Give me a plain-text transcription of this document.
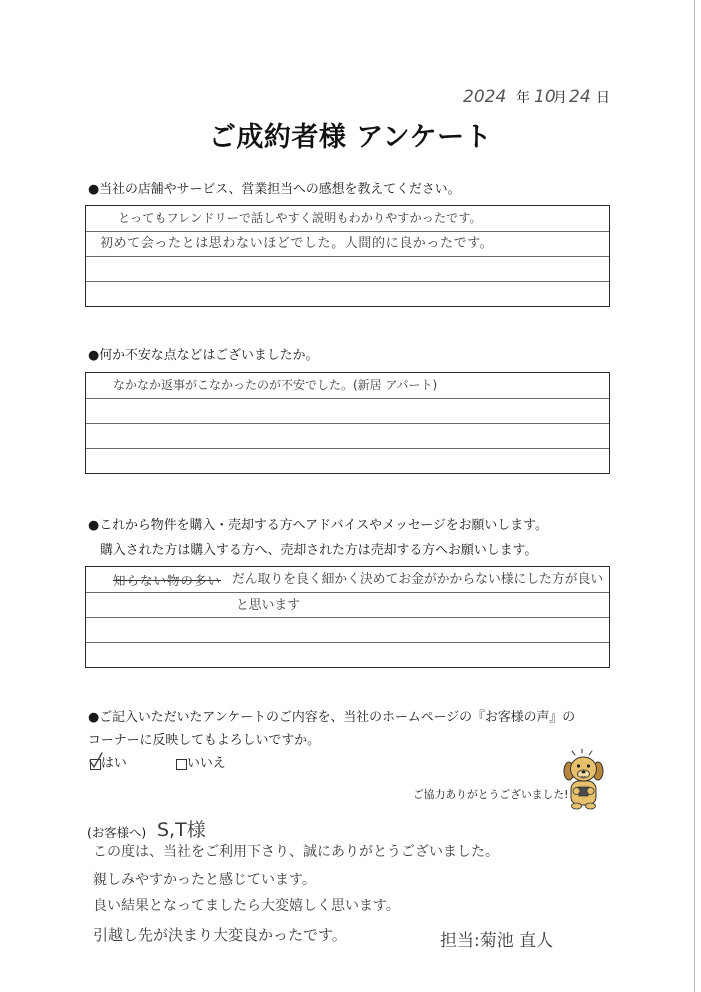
2024 年 10
月 24 日
ご成約者様 アンケート
●当社の店舗やサービス、営業担当への感想を教えてください。
とってもフレンドリーで話しやすく説明もわかりやすかったです。
初めて会ったとは思わないほどでした。人間的に良かったです。
●何か不安な点などはございましたか。
なかなか返事がこなかったのが不安でした。(新居 アパート)
●これから物件を購入・売却する方へアドバイスやメッセージをお願いします。
購入された方は購入する方へ、売却された方は売却する方へお願いします。
知らない物の多い だん取りを良く細かく決めてお金がかからない様にした方が良い
と思います
●ご記入いただいたアンケートのご内容を、当社のホームページの『お客様の声』の
コーナーに反映してもよろしいですか。
はい	いいえ
ご協力ありがとうございました!
(お客様へ) S,T様
この度は、当社をご利用下さり、誠にありがとうございました。
親しみやすかったと感じています。
良い結果となってましたら大変嬉しく思います。
引越し先が決まり大変良かったです。	担当:菊池 直人
